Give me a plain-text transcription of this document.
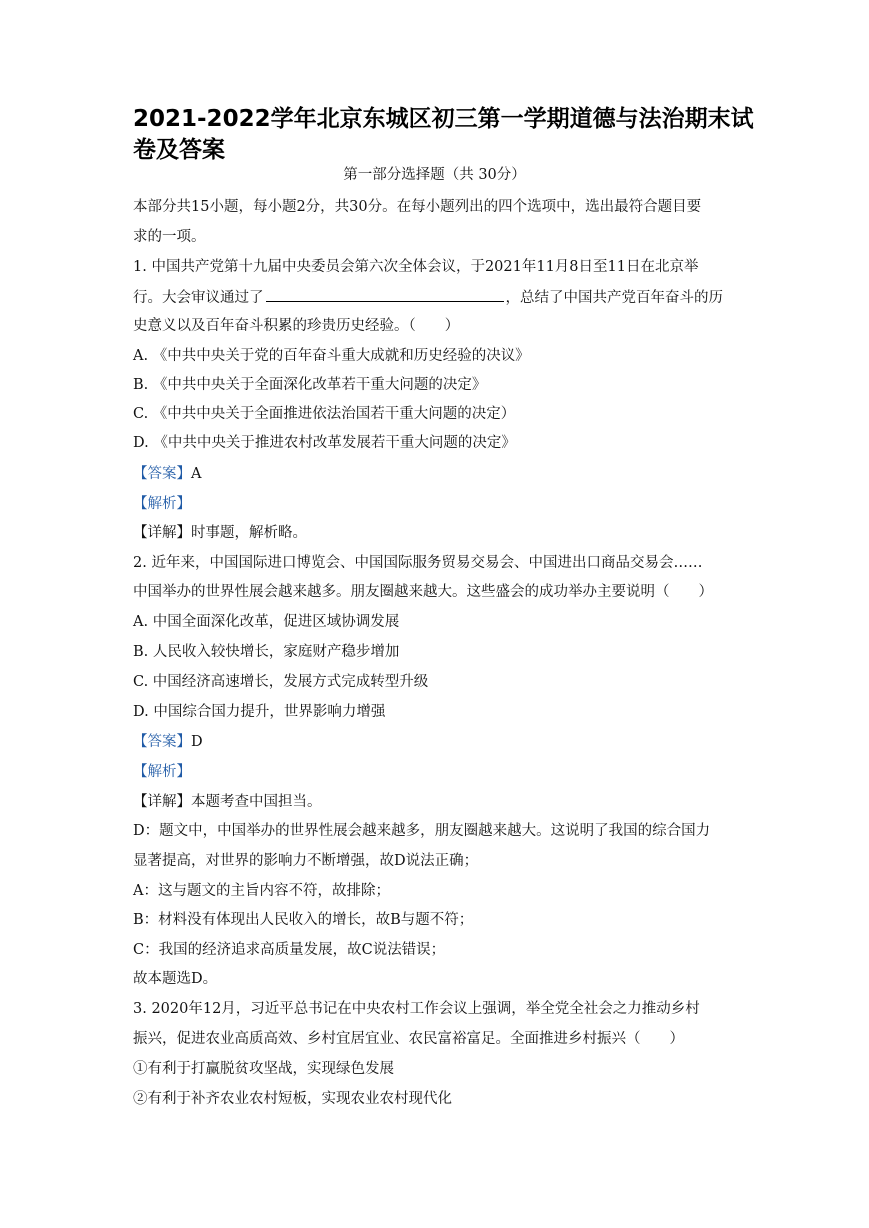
2021-2022学年北京东城区初三第一学期道德与法治期末试
卷及答案
第一部分选择题（共 30分）
本部分共15小题，每小题2分，共30分。在每小题列出的四个选项中，选出最符合题目要
求的一项。
1. 中国共产党第十九届中央委员会第六次全体会议，于2021年11月8日至11日在北京举
行。大会审议通过了	，总结了中国共产党百年奋斗的历
史意义以及百年奋斗积累的珍贵历史经验。（　　）
A. 《中共中央关于党的百年奋斗重大成就和历史经验的决议》
B. 《中共中央关于全面深化改革若干重大问题的决定》
C. 《中共中央关于全面推进依法治国若干重大问题的决定）
D. 《中共中央关于推进农村改革发展若干重大问题的决定》
【答案】A
【解析】
【详解】时事题，解析略。
2. 近年来，中国国际进口博览会、中国国际服务贸易交易会、中国进出口商品交易会……
中国举办的世界性展会越来越多。朋友圈越来越大。这些盛会的成功举办主要说明（　　）
A. 中国全面深化改革，促进区域协调发展
B. 人民收入较快增长，家庭财产稳步增加
C. 中国经济高速增长，发展方式完成转型升级
D. 中国综合国力提升，世界影响力增强
【答案】D
【解析】
【详解】本题考查中国担当。
D：题文中，中国举办的世界性展会越来越多，朋友圈越来越大。这说明了我国的综合国力
显著提高，对世界的影响力不断增强，故D说法正确；
A：这与题文的主旨内容不符，故排除；
B：材料没有体现出人民收入的增长，故B与题不符；
C：我国的经济追求高质量发展，故C说法错误；
故本题选D。
3. 2020年12月，习近平总书记在中央农村工作会议上强调，举全党全社会之力推动乡村
振兴，促进农业高质高效、乡村宜居宜业、农民富裕富足。全面推进乡村振兴（　　）
①有利于打赢脱贫攻坚战，实现绿色发展
②有利于补齐农业农村短板，实现农业农村现代化
